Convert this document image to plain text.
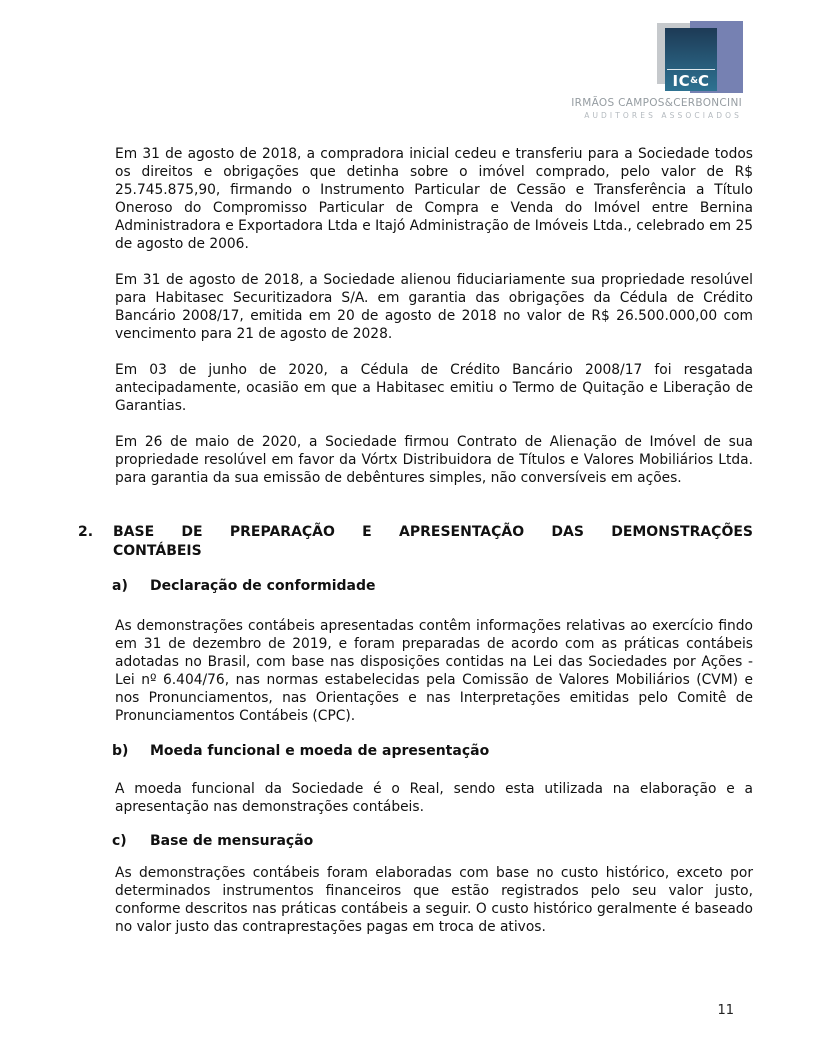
IC&C
IRMÃOS CAMPOS&CERBONCINI
AUDITORES ASSOCIADOS

Em 31 de agosto de 2018, a compradora inicial cedeu e transferiu para a Sociedade todos os direitos e obrigações que detinha sobre o imóvel comprado, pelo valor de R$ 25.745.875,90, firmando o Instrumento Particular de Cessão e Transferência a Título Oneroso do Compromisso Particular de Compra e Venda do Imóvel entre Bernina Administradora e Exportadora Ltda e Itajó Administração de Imóveis Ltda., celebrado em 25 de agosto de 2006.

Em 31 de agosto de 2018, a Sociedade alienou fiduciariamente sua propriedade resolúvel para Habitasec Securitizadora S/A. em garantia das obrigações da Cédula de Crédito Bancário 2008/17, emitida em 20 de agosto de 2018 no valor de R$ 26.500.000,00 com vencimento para 21 de agosto de 2028.

Em 03 de junho de 2020, a Cédula de Crédito Bancário 2008/17 foi resgatada antecipadamente, ocasião em que a Habitasec emitiu o Termo de Quitação e Liberação de Garantias.

Em 26 de maio de 2020, a Sociedade firmou Contrato de Alienação de Imóvel de sua propriedade resolúvel em favor da Vórtx Distribuidora de Títulos e Valores Mobiliários Ltda. para garantia da sua emissão de debêntures simples, não conversíveis em ações.

2.	BASE DE PREPARAÇÃO E APRESENTAÇÃO DAS DEMONSTRAÇÕES
CONTÁBEIS
a)	Declaração de conformidade

As demonstrações contábeis apresentadas contêm informações relativas ao exercício findo em 31 de dezembro de 2019, e foram preparadas de acordo com as práticas contábeis adotadas no Brasil, com base nas disposições contidas na Lei das Sociedades por Ações - Lei nº 6.404/76, nas normas estabelecidas pela Comissão de Valores Mobiliários (CVM) e nos Pronunciamentos, nas Orientações e nas Interpretações emitidas pelo Comitê de Pronunciamentos Contábeis (CPC).

b)	Moeda funcional e moeda de apresentação

A moeda funcional da Sociedade é o Real, sendo esta utilizada na elaboração e a apresentação nas demonstrações contábeis.

c)	Base de mensuração

As demonstrações contábeis foram elaboradas com base no custo histórico, exceto por determinados instrumentos financeiros que estão registrados pelo seu valor justo, conforme descritos nas práticas contábeis a seguir. O custo histórico geralmente é baseado no valor justo das contraprestações pagas em troca de ativos.

11
